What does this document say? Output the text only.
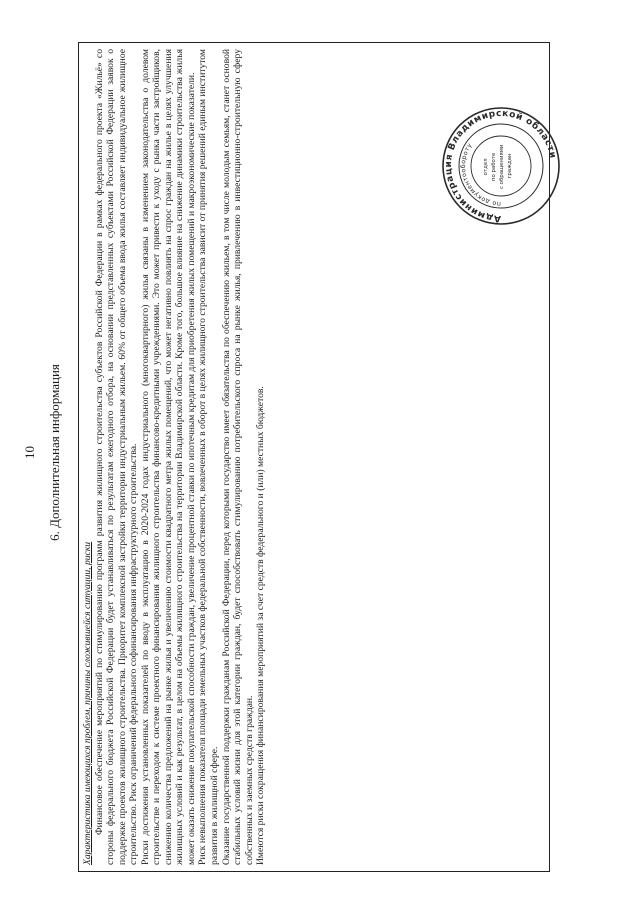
10 6. Дополнительная информация

Характеристика имеющихся проблем, причины сложившейся ситуации, риски Финансовое обеспечение мероприятий по стимулированию программ развития жилищного строительства субъектов Российской Федерации в рамках федерального проекта «Жильё» со стороны федерального бюджета Российской Федерации будет устанавливаться по результатам ежегодного отбора, на основании представленных субъектами Российской Федерации заявок о поддержке проектов жилищного строительства. Приоритет комплексной застройки территории индустриальным жильем. 60% от общего объема ввода жилья составляет индивидуальное жилищное строительство. Риск ограничений федерального софинансирования инфраструктурного строительства. Риски достижения установленных показателей по вводу в эксплуатацию в 2020-2024 годах индустриального (многоквартирного) жилья связаны в изменением законодательства о долевом строительстве и переходом к системе проектного финансирования жилищного строительства финансово-кредитными учреждениями. Это может привести к уходу с рынка части застройщиков, снижению количества предложений на рынке жилья и увеличению стоимости квадратного метра жилых помещений, что может негативно повлиять на спрос граждан на жилье в целях улучшения жилищных условий и как результат, в целом на объемы жилищного строительства на территории Владимирской области. Кроме того, большое влияние на снижение динамики строительства жилья может оказать снижение покупательской способности граждан, увеличение процентной ставки по ипотечным кредитам для приобретения жилых помещений и макроэкономические показатели. Риск невыполнения показателя площади земельных участков федеральной собственности, вовлеченных в оборот в целях жилищного строительства зависит от принятия решений единым институтом развития в жилищной сфере. Оказание государственной поддержки гражданам Российской Федерации, перед которыми государство имеет обязательства по обеспечению жильем, в том числе молодым семьям, станет основой стабильных условий жизни для этой категории граждан, будет способствовать стимулированию потребительского спроса на рынке жилья, привлечению в инвестиционно-строительную сферу собственных и заемных средств граждан. Имеются риски сокращения финансирования мероприятий за счет средств федерального и (или) местных бюджетов.

Администрация Владимирской области
по документообороту
отдел по работе с обращениями граждан
